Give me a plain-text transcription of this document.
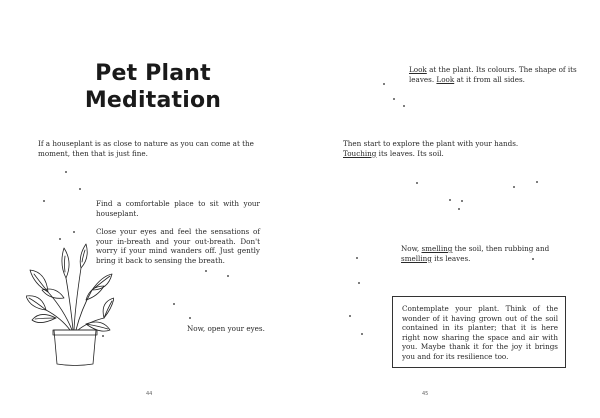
Pet Plant
Meditation

If a houseplant is as close to nature as you can come at the moment, then that is just fine.

Find a comfortable place to sit with your houseplant.

Close your eyes and feel the sensations of your in-breath and your out-breath. Don't worry if your mind wanders off. Just gently bring it back to sensing the breath.

Now, open your eyes.

44

Look at the plant. Its colours. The shape of its leaves. Look at it from all sides.

Then start to explore the plant with your hands.

Touching its leaves. Its soil.

Now, smelling the soil, then rubbing and smelling its leaves.

Contemplate your plant. Think of the wonder of it having grown out of the soil contained in its planter; that it is here right now sharing the space and air with you. Maybe thank it for the joy it brings you and for its resilience too.
45
